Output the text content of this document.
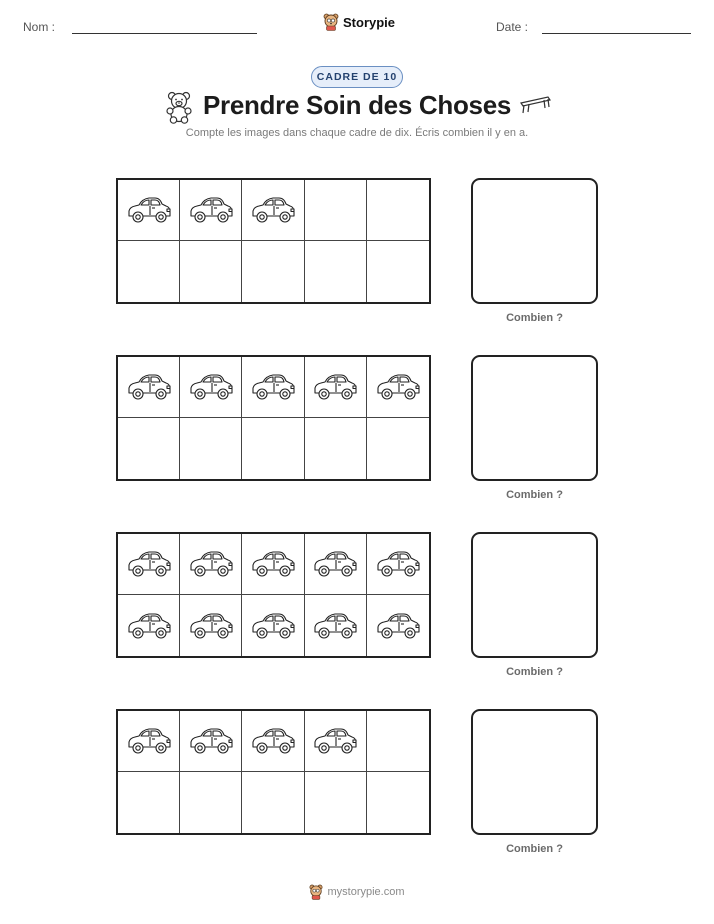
Nom :	Storypie	Date :
CADRE DE 10
Prendre Soin des Choses
Compte les images dans chaque cadre de dix. Écris combien il y en a.
Combien ?
Combien ?
Combien ?
Combien ?
mystorypie.com
